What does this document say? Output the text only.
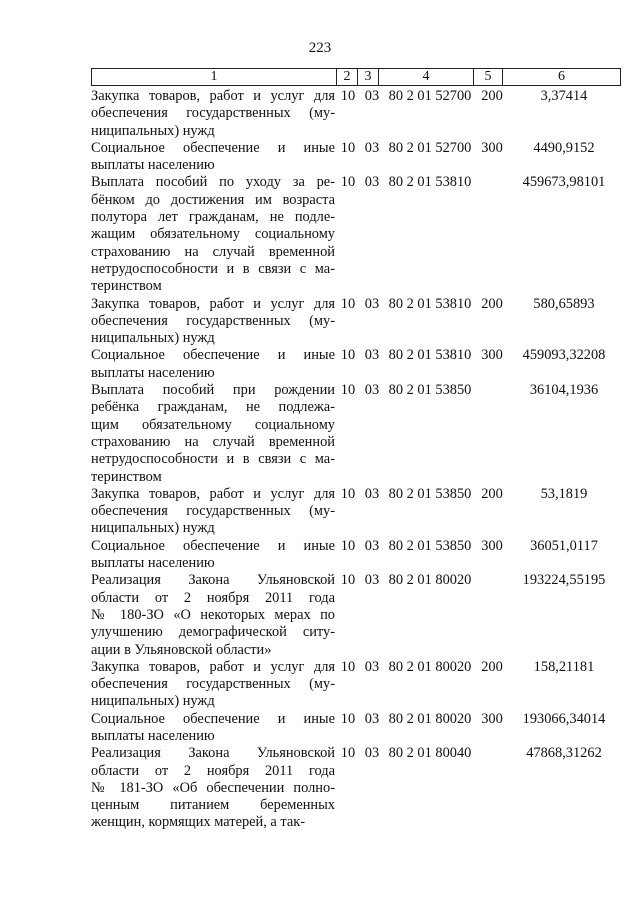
223
1	2	3	4	5	6
Закупка товаров, работ и услуг для
обеспечения государственных (му-
ниципальных) нужд
10 03 80 2 01 52700 200	3,37414
Социальное обеспечение и иные
выплаты населению
10 03 80 2 01 52700 300	4490,9152
Выплата пособий по уходу за ре-
бёнком до достижения им возраста
полутора лет гражданам, не подле-
жащим обязательному социальному
страхованию на случай временной
нетрудоспособности и в связи с ма-
теринством
10 03 80 2 01 53810	459673,98101
Закупка товаров, работ и услуг для
обеспечения государственных (му-
ниципальных) нужд
10 03 80 2 01 53810 200	580,65893
Социальное обеспечение и иные
выплаты населению
10 03 80 2 01 53810 300	459093,32208
Выплата пособий при рождении
ребёнка гражданам, не подлежа-
щим обязательному социальному
страхованию на случай временной
нетрудоспособности и в связи с ма-
теринством
10 03 80 2 01 53850	36104,1936
Закупка товаров, работ и услуг для
обеспечения государственных (му-
ниципальных) нужд
10 03 80 2 01 53850 200	53,1819
Социальное обеспечение и иные
выплаты населению
10 03 80 2 01 53850 300	36051,0117
Реализация Закона Ульяновской
области от 2 ноября 2011 года
№ 180-ЗО «О некоторых мерах по
улучшению демографической ситу-
ации в Ульяновской области»
10 03 80 2 01 80020	193224,55195
Закупка товаров, работ и услуг для
обеспечения государственных (му-
ниципальных) нужд
10 03 80 2 01 80020 200	158,21181
Социальное обеспечение и иные
выплаты населению
10 03 80 2 01 80020 300	193066,34014
Реализация Закона Ульяновской
области от 2 ноября 2011 года
№ 181-ЗО «Об обеспечении полно-
ценным питанием беременных
женщин, кормящих матерей, а так-
10 03 80 2 01 80040	47868,31262
